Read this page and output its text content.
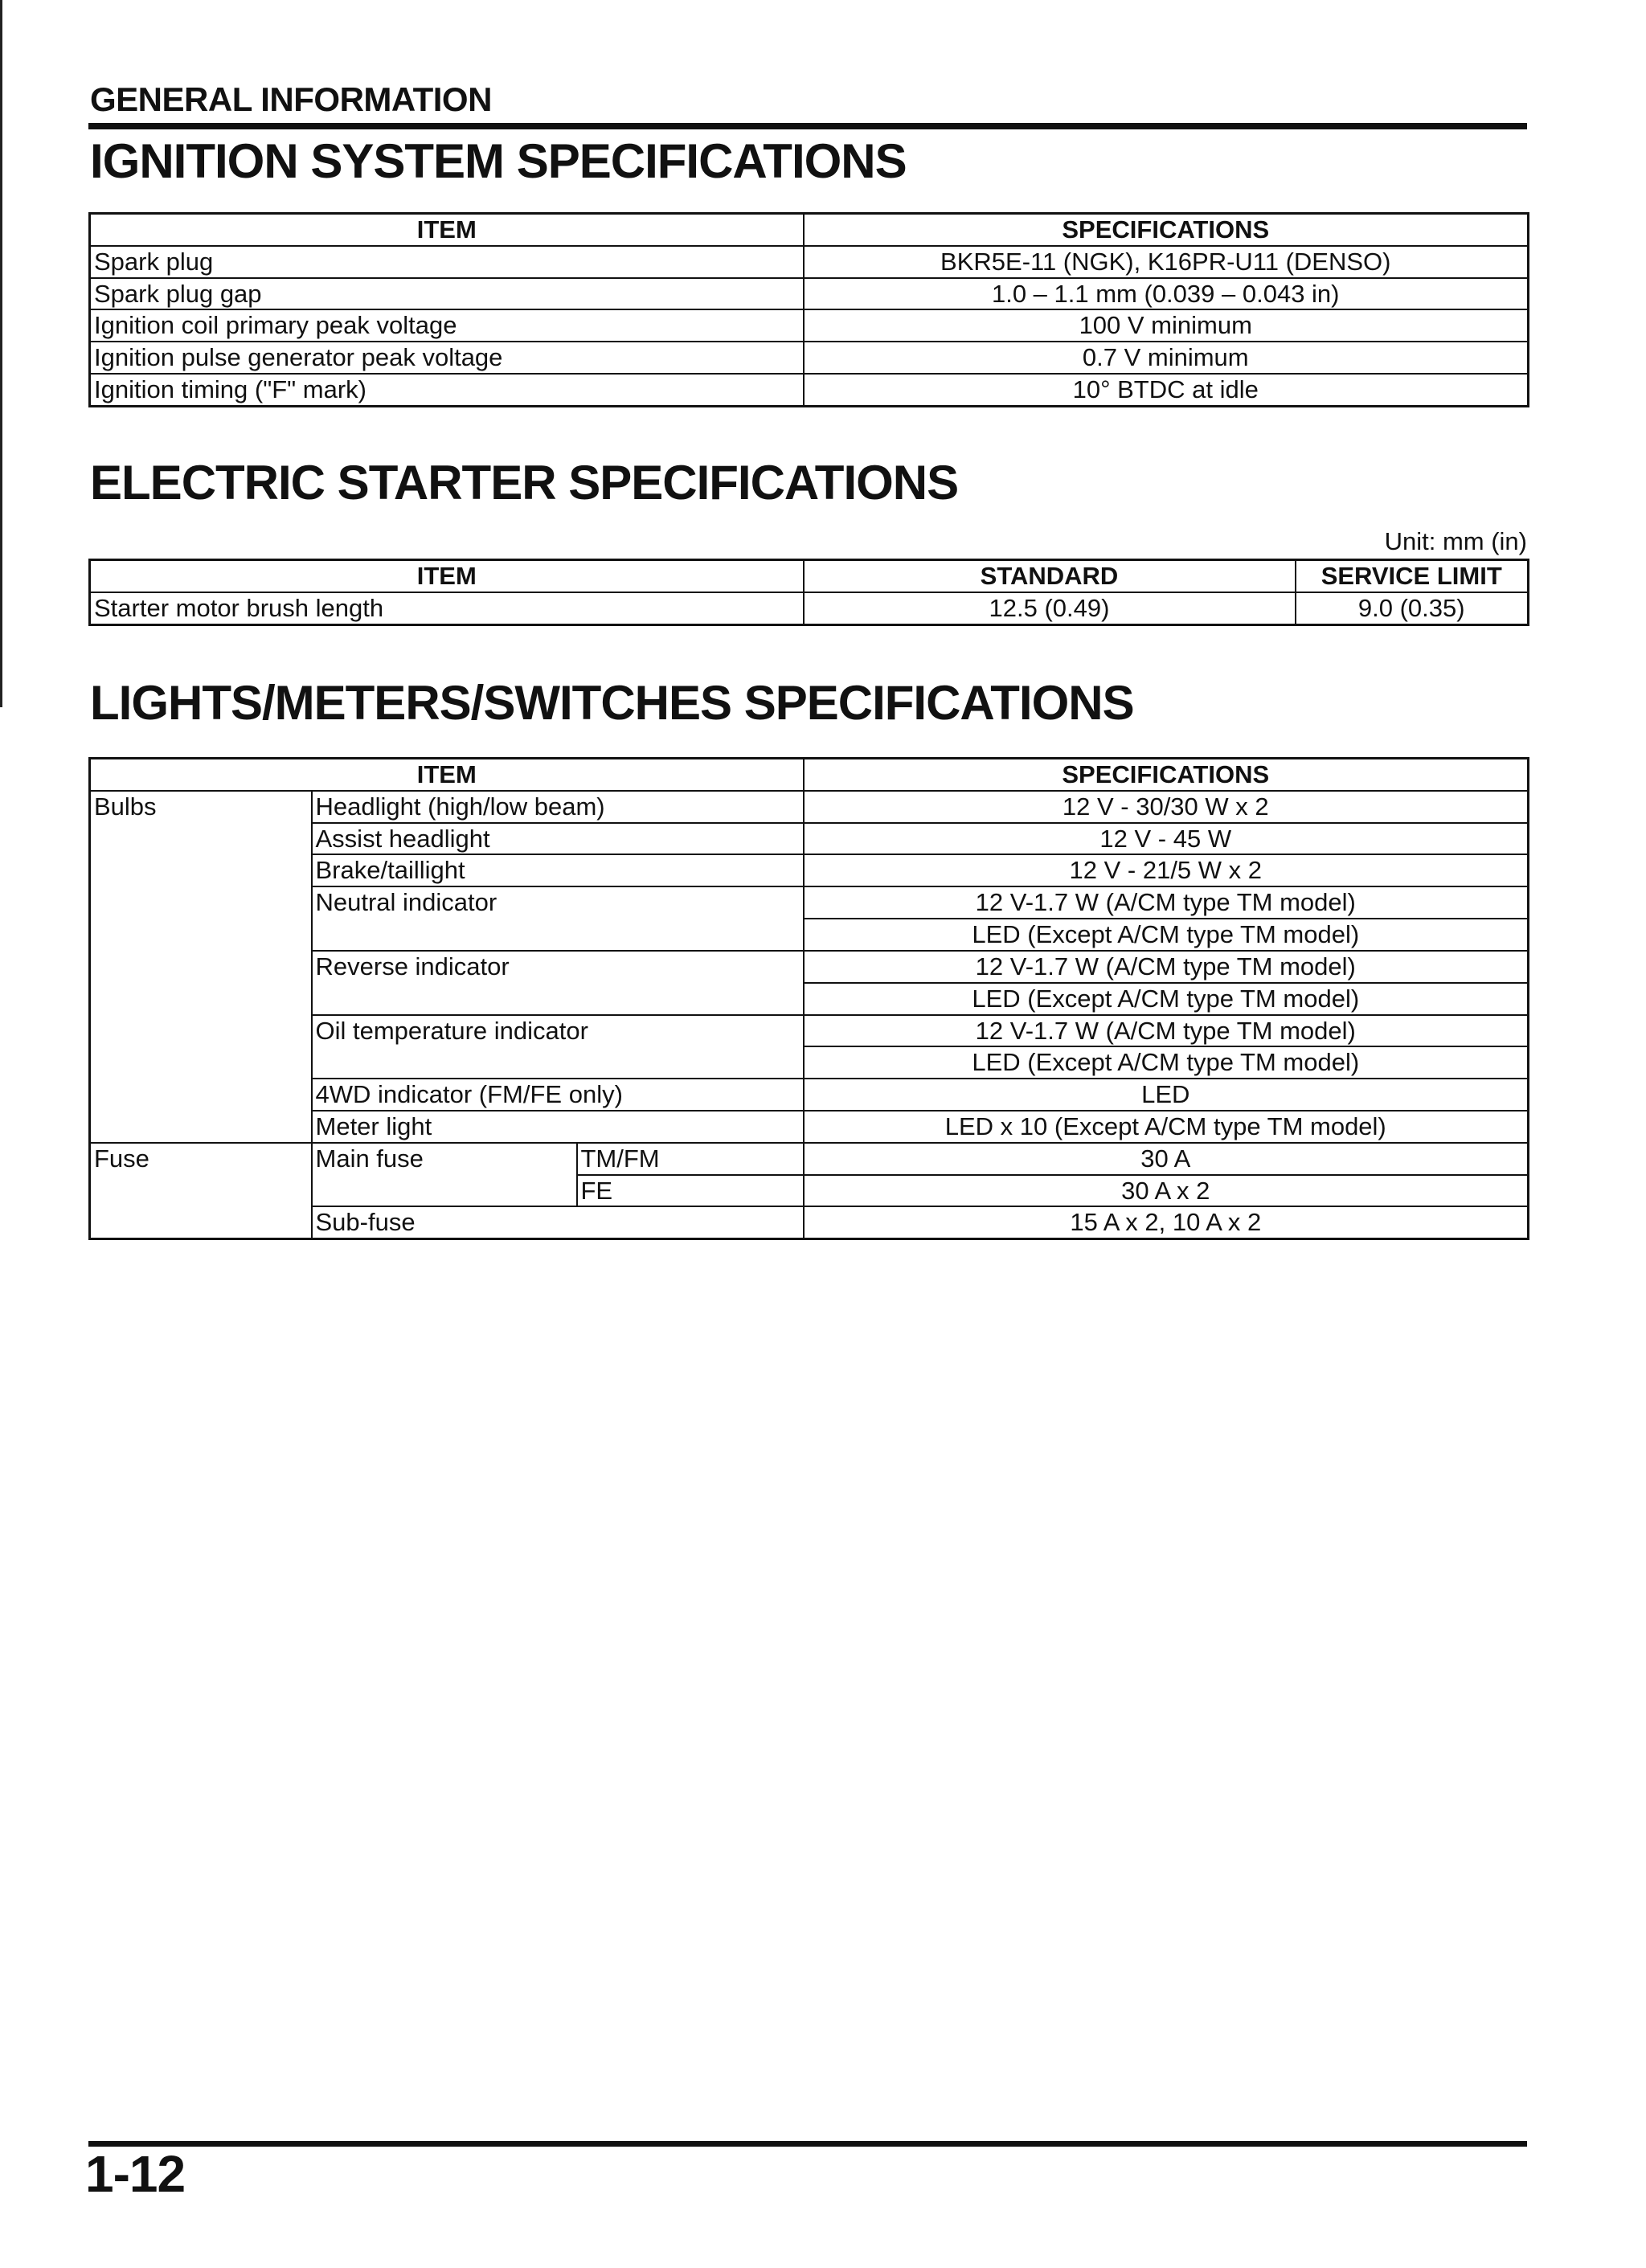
GENERAL INFORMATION
IGNITION SYSTEM SPECIFICATIONS
ITEM	SPECIFICATIONS
Spark plug	BKR5E-11 (NGK), K16PR-U11 (DENSO)
Spark plug gap	1.0 – 1.1 mm (0.039 – 0.043 in)
Ignition coil primary peak voltage	100 V minimum
Ignition pulse generator peak voltage	0.7 V minimum
Ignition timing ("F" mark)	10° BTDC at idle
ELECTRIC STARTER SPECIFICATIONS
Unit: mm (in)
ITEM	STANDARD	SERVICE LIMIT
Starter motor brush length	12.5 (0.49)	9.0 (0.35)
LIGHTS/METERS/SWITCHES SPECIFICATIONS
ITEM			SPECIFICATIONS
Bulbs	Headlight (high/low beam)		12 V - 30/30 W x 2
	Assist headlight		12 V - 45 W
	Brake/taillight		12 V - 21/5 W x 2
	Neutral indicator		12 V-1.7 W (A/CM type TM model)
			LED (Except A/CM type TM model)
	Reverse indicator		12 V-1.7 W (A/CM type TM model)
			LED (Except A/CM type TM model)
	Oil temperature indicator		12 V-1.7 W (A/CM type TM model)
			LED (Except A/CM type TM model)
	4WD indicator (FM/FE only)		LED
	Meter light		LED x 10 (Except A/CM type TM model)
Fuse	Main fuse	TM/FM	30 A
		FE	30 A x 2
	Sub-fuse		15 A x 2, 10 A x 2
1-12
